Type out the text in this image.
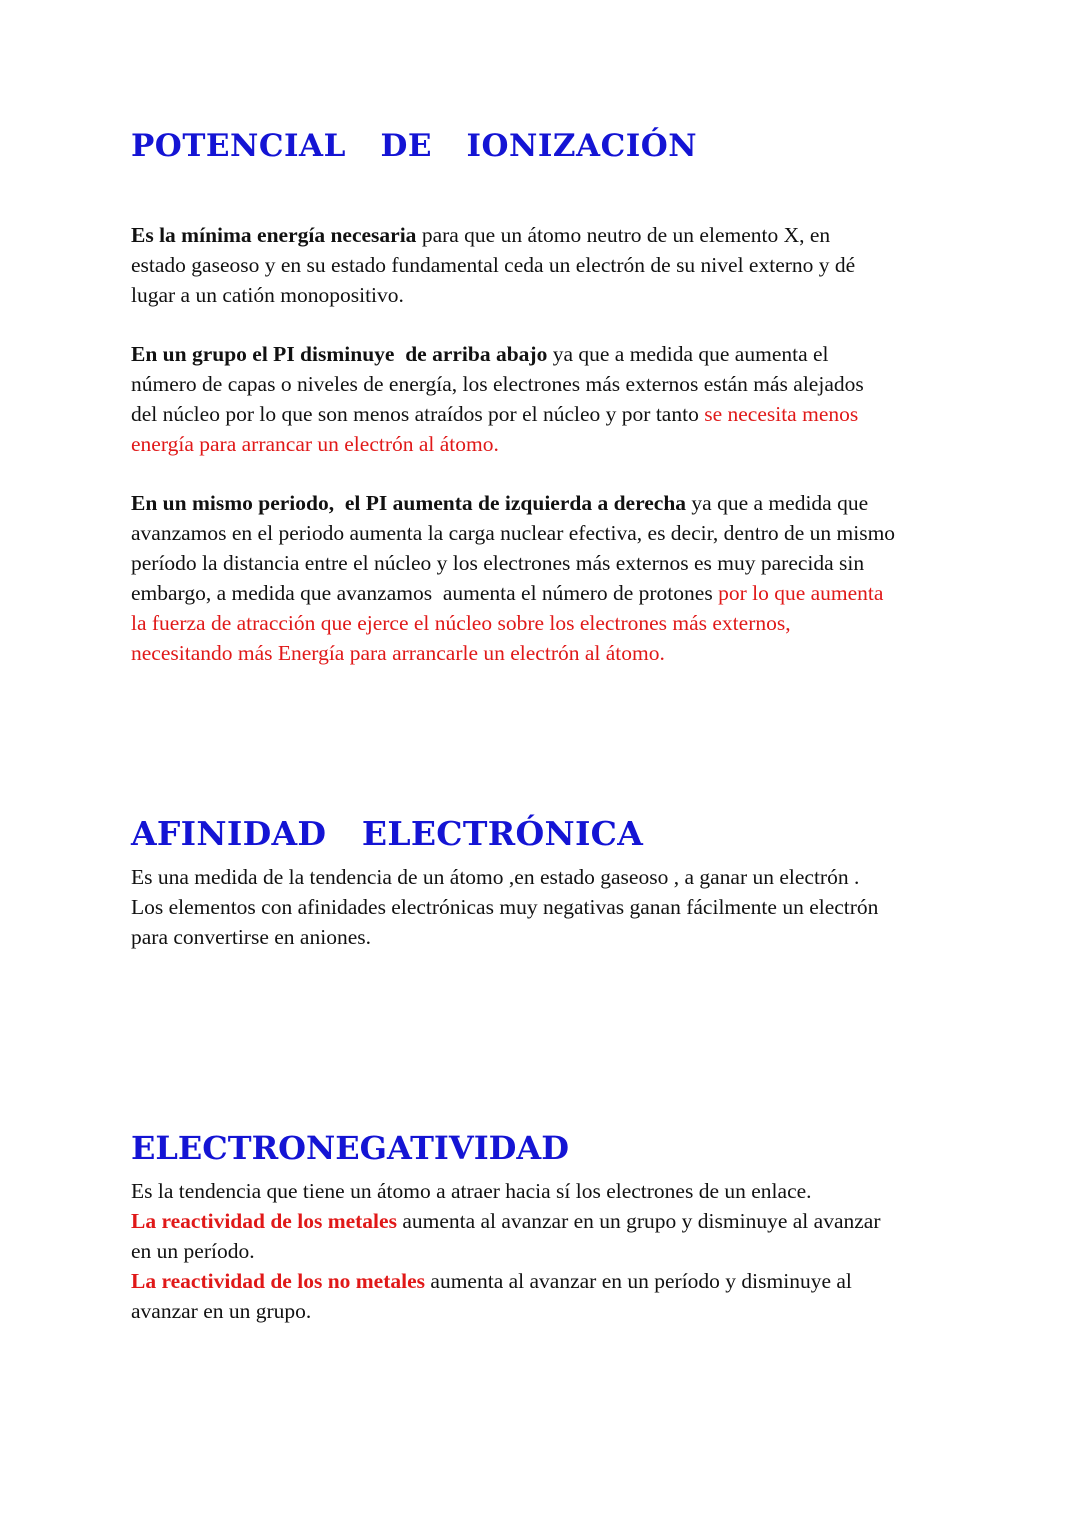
POTENCIAL  DE  IONIZACIÓN

Es la mínima energía necesaria para que un átomo neutro de un elemento X, en
estado gaseoso y en su estado fundamental ceda un electrón de su nivel externo y dé
lugar a un catión monopositivo.

En un grupo el PI disminuye  de arriba abajo ya que a medida que aumenta el
número de capas o niveles de energía, los electrones más externos están más alejados
del núcleo por lo que son menos atraídos por el núcleo y por tanto se necesita menos
energía para arrancar un electrón al átomo.

En un mismo periodo,  el PI aumenta de izquierda a derecha ya que a medida que
avanzamos en el periodo aumenta la carga nuclear efectiva, es decir, dentro de un mismo
período la distancia entre el núcleo y los electrones más externos es muy parecida sin
embargo, a medida que avanzamos  aumenta el número de protones por lo que aumenta
la fuerza de atracción que ejerce el núcleo sobre los electrones más externos,
necesitando más Energía para arrancarle un electrón al átomo.

AFINIDAD  ELECTRÓNICA

Es una medida de la tendencia de un átomo ,en estado gaseoso , a ganar un electrón .
Los elementos con afinidades electrónicas muy negativas ganan fácilmente un electrón
para convertirse en aniones.

ELECTRONEGATIVIDAD

Es la tendencia que tiene un átomo a atraer hacia sí los electrones de un enlace.
La reactividad de los metales aumenta al avanzar en un grupo y disminuye al avanzar
en un período.
La reactividad de los no metales aumenta al avanzar en un período y disminuye al
avanzar en un grupo.
